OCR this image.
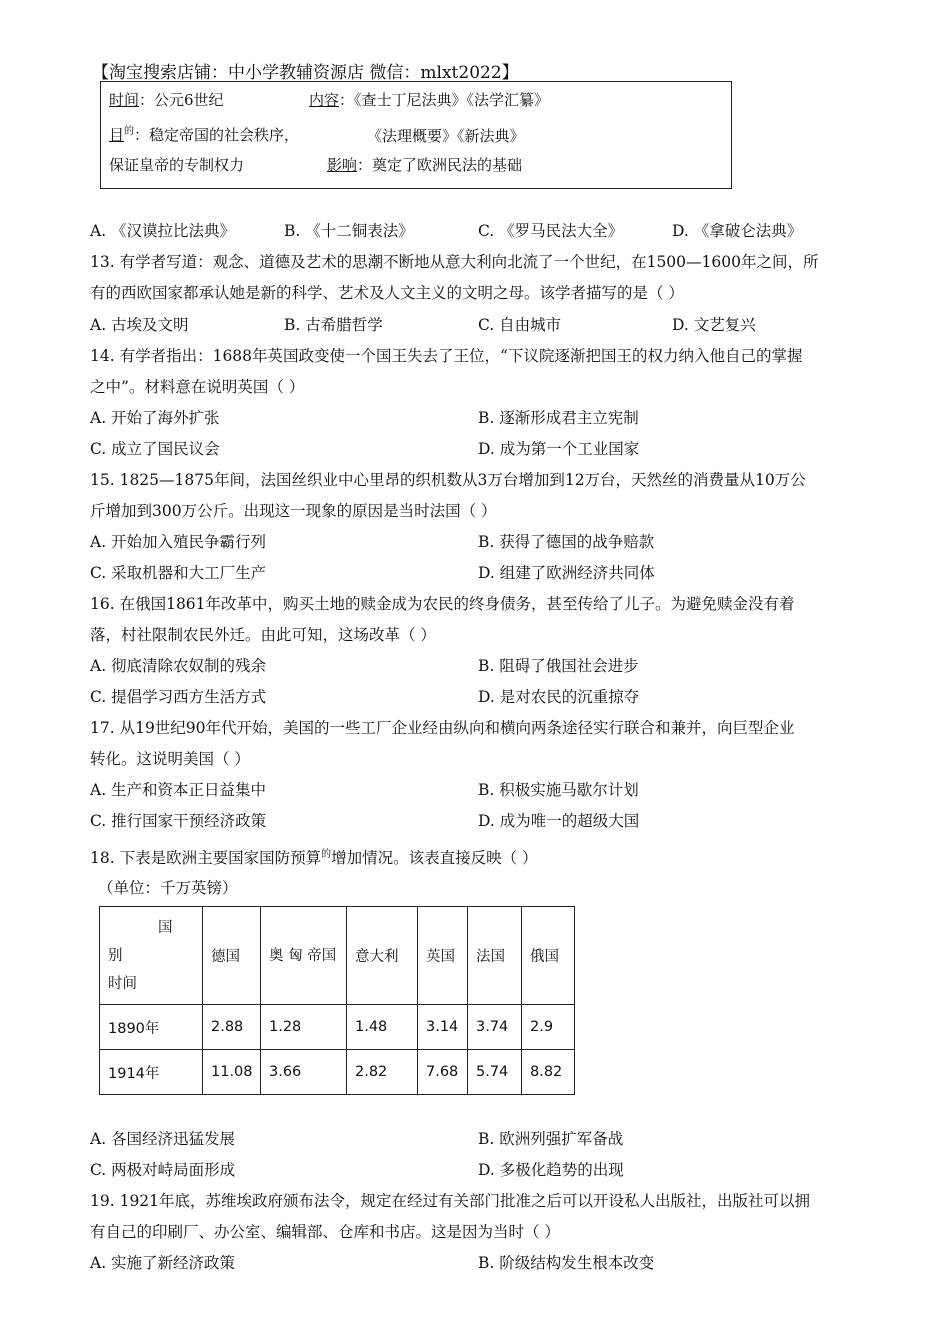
【淘宝搜索店铺：中小学教辅资源店 微信：mlxt2022】
时间：公元6世纪	内容：《查士丁尼法典》《法学汇纂》
目$^的$：稳定帝国的社会秩序，	《法理概要》《新法典》
保证皇帝的专制权力	影响：奠定了欧洲民法的基础
A. 《汉谟拉比法典》	B. 《十二铜表法》	C. 《罗马民法大全》	D. 《拿破仑法典》
13. 有学者写道：观念、道德及艺术的思潮不断地从意大利向北流了一个世纪，在1500—1600年之间，所
有的西欧国家都承认她是新的科学、艺术及人文主义的文明之母。该学者描写的是（ ）
A. 古埃及文明	B. 古希腊哲学	C. 自由城市	D. 文艺复兴
14. 有学者指出：1688年英国政变使一个国王失去了王位，“下议院逐渐把国王的权力纳入他自己的掌握
之中”。材料意在说明英国（ ）
A. 开始了海外扩张	B. 逐渐形成君主立宪制
C. 成立了国民议会	D. 成为第一个工业国家
15. 1825—1875年间，法国丝织业中心里昂的织机数从3万台增加到12万台，天然丝的消费量从10万公
斤增加到300万公斤。出现这一现象的原因是当时法国（ ）
A. 开始加入殖民争霸行列	B. 获得了德国的战争赔款
C. 采取机器和大工厂生产	D. 组建了欧洲经济共同体
16. 在俄国1861年改革中，购买土地的赎金成为农民的终身债务，甚至传给了儿子。为避免赎金没有着
落，村社限制农民外迁。由此可知，这场改革（ ）
A. 彻底清除农奴制的残余	B. 阻碍了俄国社会进步
C. 提倡学习西方生活方式	D. 是对农民的沉重掠夺
17. 从19世纪90年代开始，美国的一些工厂企业经由纵向和横向两条途径实行联合和兼并，向巨型企业
转化。这说明美国（ ）
A. 生产和资本正日益集中	B. 积极实施马歇尔计划
C. 推行国家干预经济政策	D. 成为唯一的超级大国
18. 下表是欧洲主要国家国防预算$^的$增加情况。该表直接反映（ ）
（单位：千万英镑）
国
别
时间	德国	奥 匈 帝国	意大利	英国	法国	俄国
1890年	2.88	1.28	1.48	3.14	3.74	2.9
1914年	11.08	3.66	2.82	7.68	5.74	8.82
A. 各国经济迅猛发展	B. 欧洲列强扩军备战
C. 两极对峙局面形成	D. 多极化趋势的出现
19. 1921年底，苏维埃政府颁布法令，规定在经过有关部门批准之后可以开设私人出版社，出版社可以拥
有自己的印刷厂、办公室、编辑部、仓库和书店。这是因为当时（ ）
A. 实施了新经济政策	B. 阶级结构发生根本改变
